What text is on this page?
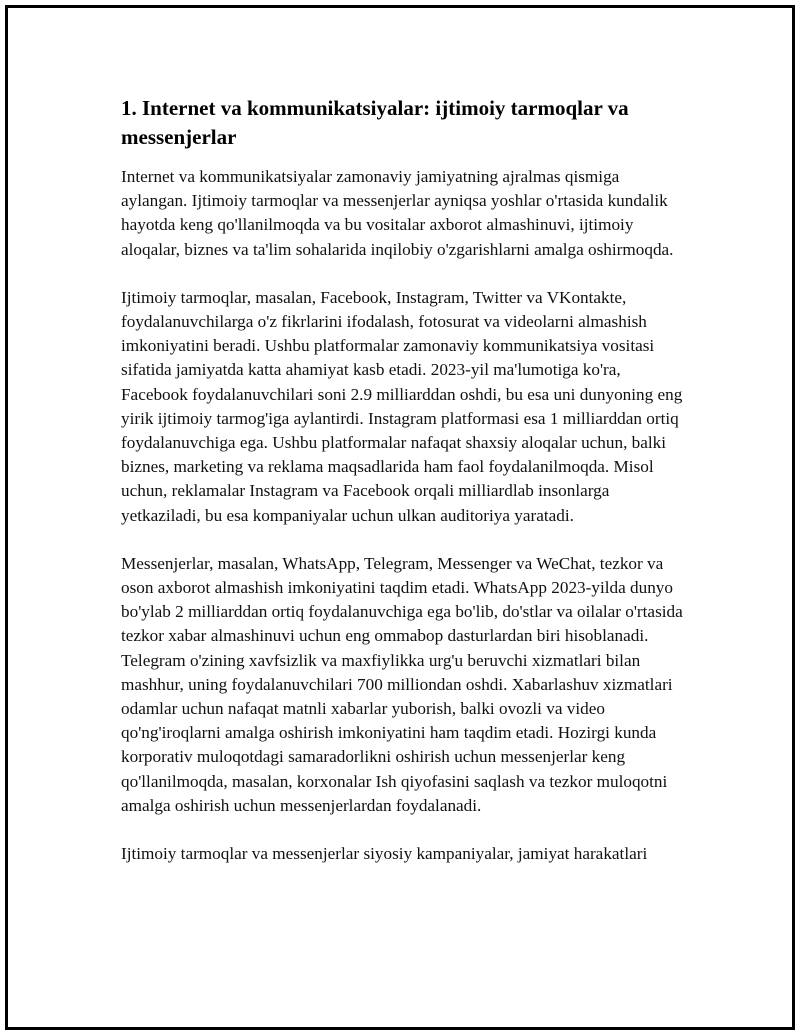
1. Internet va kommunikatsiyalar: ijtimoiy tarmoqlar va messenjerlar

Internet va kommunikatsiyalar zamonaviy jamiyatning ajralmas qismiga aylangan. Ijtimoiy tarmoqlar va messenjerlar ayniqsa yoshlar o'rtasida kundalik hayotda keng qo'llanilmoqda va bu vositalar axborot almashinuvi, ijtimoiy aloqalar, biznes va ta'lim sohalarida inqilobiy o'zgarishlarni amalga oshirmoqda.

Ijtimoiy tarmoqlar, masalan, Facebook, Instagram, Twitter va VKontakte, foydalanuvchilarga o'z fikrlarini ifodalash, fotosurat va videolarni almashish imkoniyatini beradi. Ushbu platformalar zamonaviy kommunikatsiya vositasi sifatida jamiyatda katta ahamiyat kasb etadi. 2023-yil ma'lumotiga ko'ra, Facebook foydalanuvchilari soni 2.9 milliarddan oshdi, bu esa uni dunyoning eng yirik ijtimoiy tarmog'iga aylantirdi. Instagram platformasi esa 1 milliarddan ortiq foydalanuvchiga ega. Ushbu platformalar nafaqat shaxsiy aloqalar uchun, balki biznes, marketing va reklama maqsadlarida ham faol foydalanilmoqda. Misol uchun, reklamalar Instagram va Facebook orqali milliardlab insonlarga yetkaziladi, bu esa kompaniyalar uchun ulkan auditoriya yaratadi.

Messenjerlar, masalan, WhatsApp, Telegram, Messenger va WeChat, tezkor va oson axborot almashish imkoniyatini taqdim etadi. WhatsApp 2023-yilda dunyo bo'ylab 2 milliarddan ortiq foydalanuvchiga ega bo'lib, do'stlar va oilalar o'rtasida tezkor xabar almashinuvi uchun eng ommabop dasturlardan biri hisoblanadi. Telegram o'zining xavfsizlik va maxfiylikka urg'u beruvchi xizmatlari bilan mashhur, uning foydalanuvchilari 700 milliondan oshdi. Xabarlashuv xizmatlari odamlar uchun nafaqat matnli xabarlar yuborish, balki ovozli va video qo'ng'iroqlarni amalga oshirish imkoniyatini ham taqdim etadi. Hozirgi kunda korporativ muloqotdagi samaradorlikni oshirish uchun messenjerlar keng qo'llanilmoqda, masalan, korxonalar Ish qiyofasini saqlash va tezkor muloqotni amalga oshirish uchun messenjerlardan foydalanadi.

Ijtimoiy tarmoqlar va messenjerlar siyosiy kampaniyalar, jamiyat harakatlari
